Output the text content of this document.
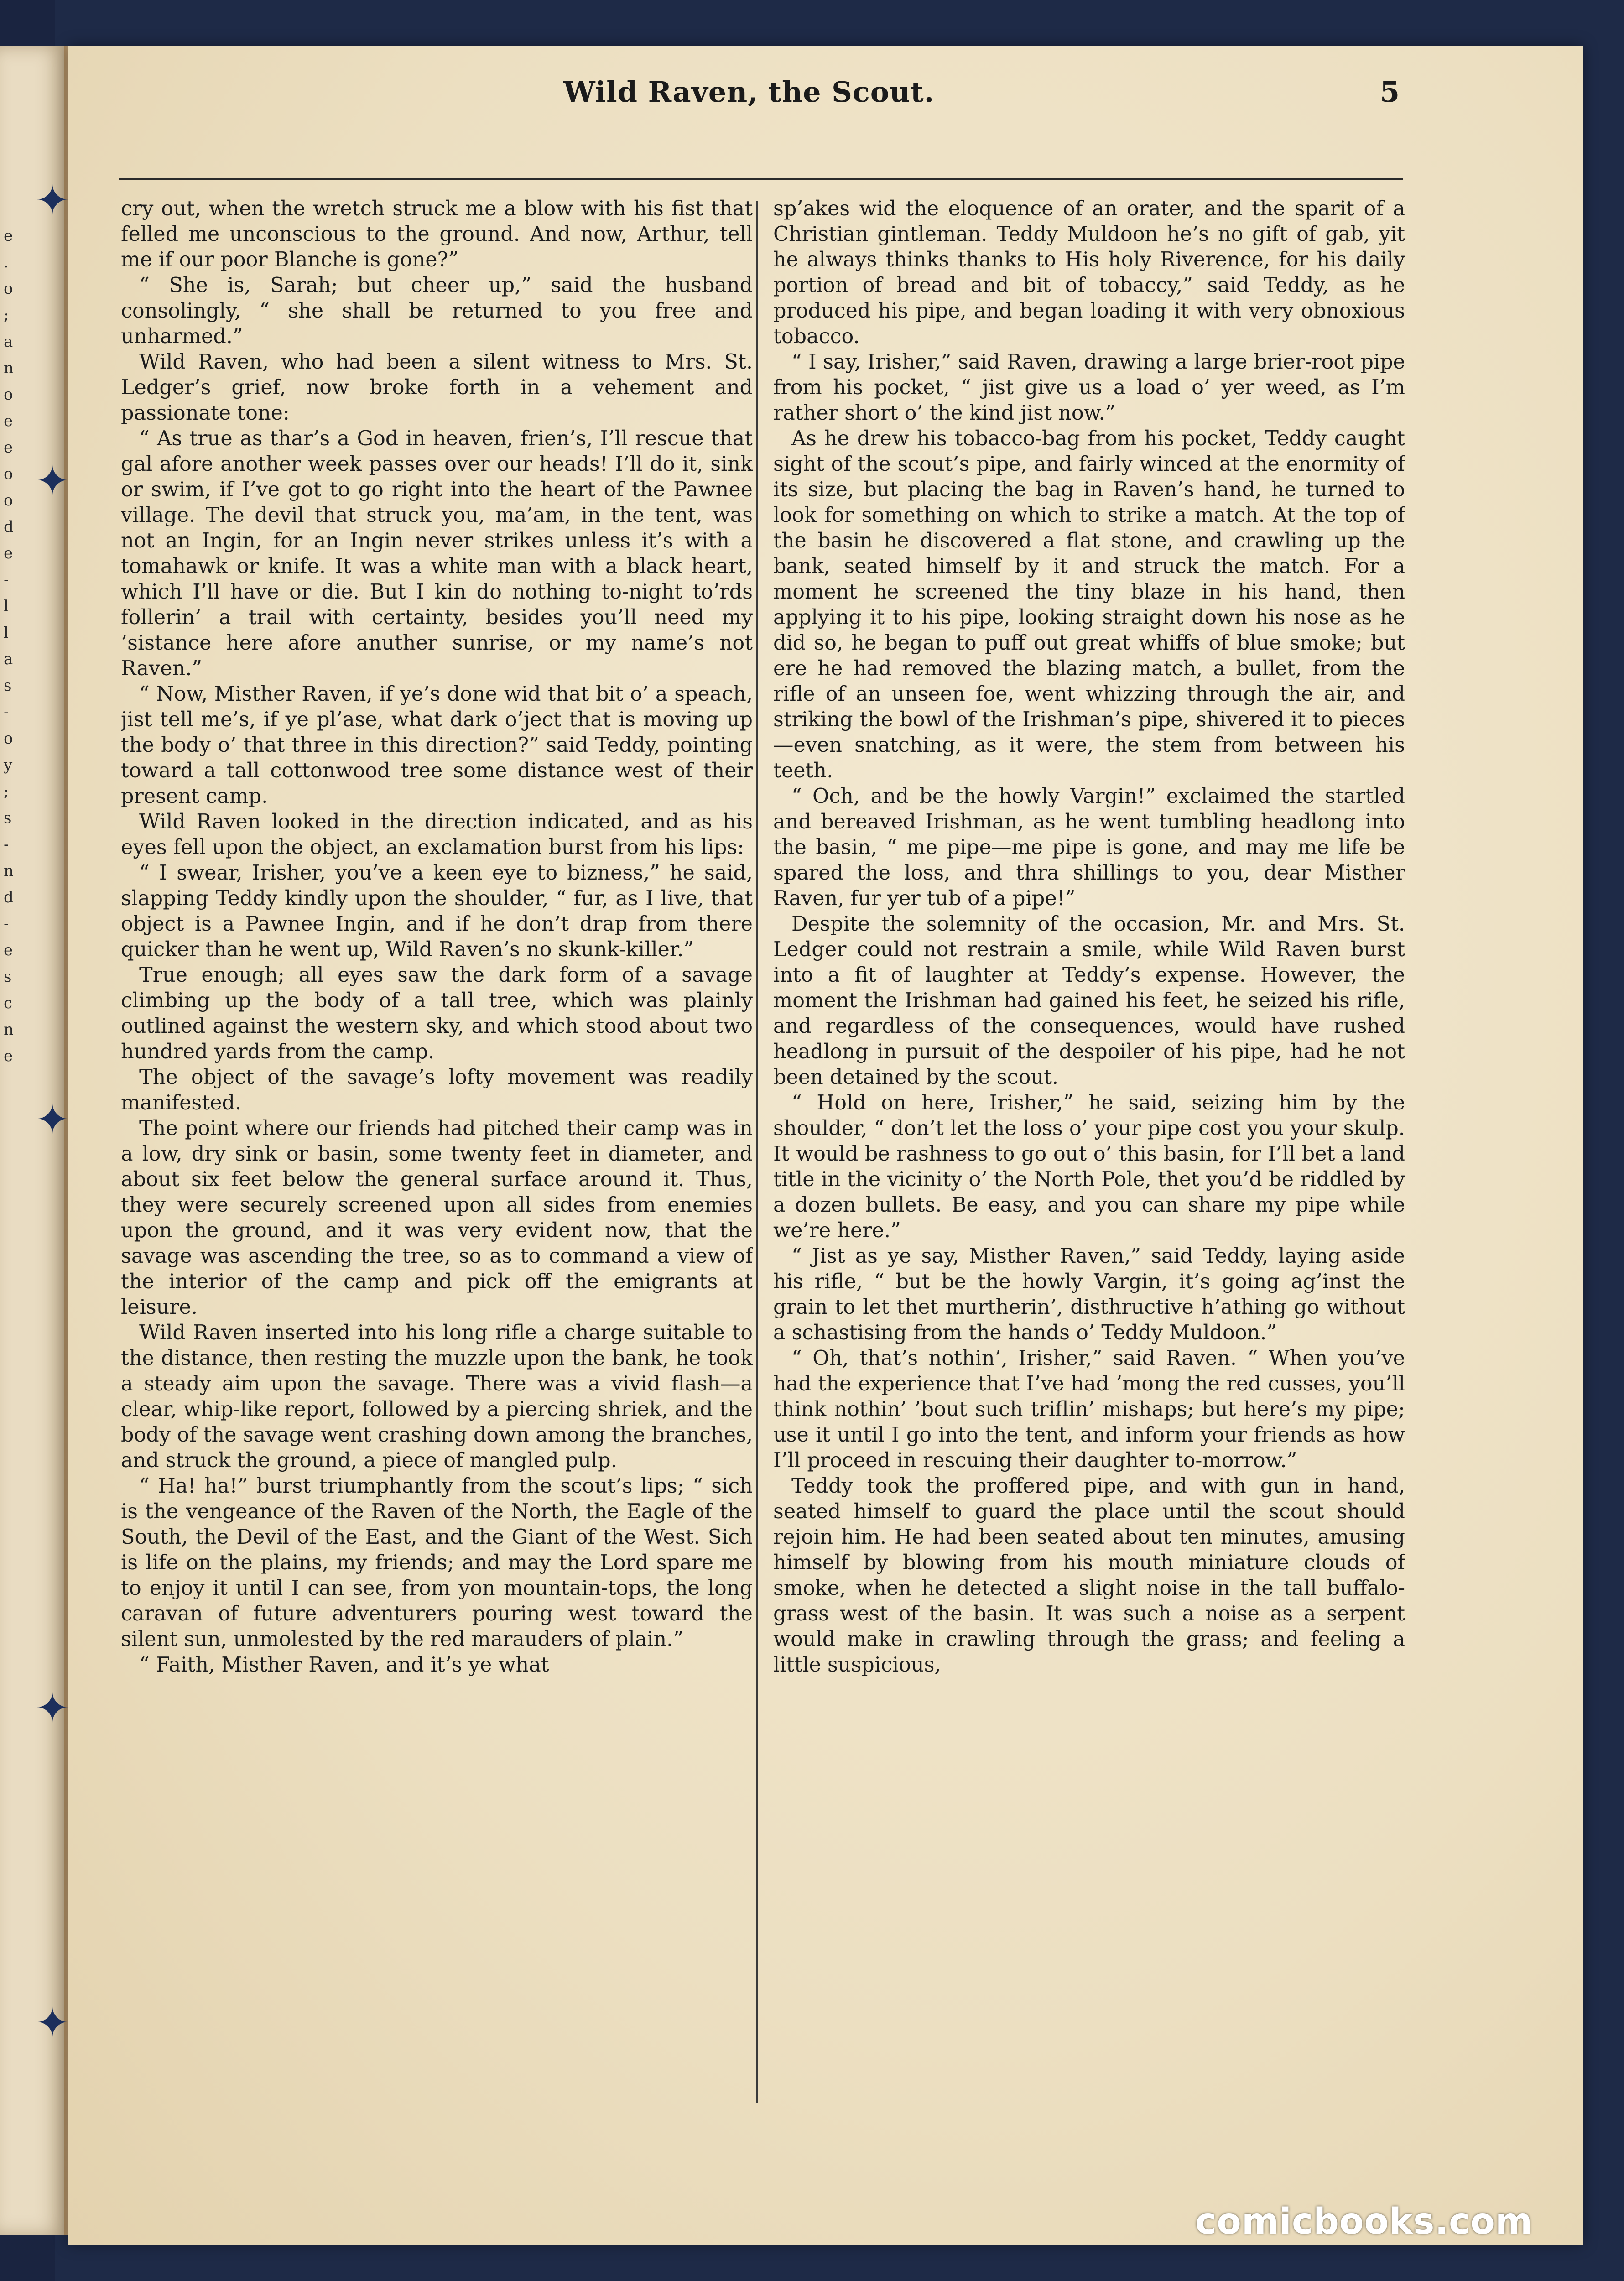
e
.
o
;
a
n
o
e
e
o
o
d
e
-
l
l
a
s
-
o
y
;
s
-
n
d
-
e
s
c
n
e
✦
✦
✦
✦
✦
Wild Raven, the Scout.	5

cry out, when the wretch struck me a blow with his fist that felled me unconscious to the ground. And now, Arthur, tell me if our poor Blanche is gone?”

“ She is, Sarah; but cheer up,” said the husband consolingly, “ she shall be returned to you free and unharmed.”

Wild Raven, who had been a silent witness to Mrs. St. Ledger’s grief, now broke forth in a vehement and passionate tone:

“ As true as thar’s a God in heaven, frien’s, I’ll rescue that gal afore another week passes over our heads! I’ll do it, sink or swim, if I’ve got to go right into the heart of the Pawnee village. The devil that struck you, ma’am, in the tent, was not an Ingin, for an Ingin never strikes unless it’s with a tomahawk or knife. It was a white man with a black heart, which I’ll have or die. But I kin do nothing to-night to’rds follerin’ a trail with certainty, besides you’ll need my ’sistance here afore anuther sunrise, or my name’s not Raven.”

“ Now, Misther Raven, if ye’s done wid that bit o’ a speach, jist tell me’s, if ye pl’ase, what dark o’ject that is moving up the body o’ that three in this direction?” said Teddy, pointing toward a tall cottonwood tree some distance west of their present camp.

Wild Raven looked in the direction indicated, and as his eyes fell upon the object, an exclamation burst from his lips:

“ I swear, Irisher, you’ve a keen eye to bizness,” he said, slapping Teddy kindly upon the shoulder, “ fur, as I live, that object is a Pawnee Ingin, and if he don’t drap from there quicker than he went up, Wild Raven’s no skunk-killer.”

True enough; all eyes saw the dark form of a savage climbing up the body of a tall tree, which was plainly outlined against the western sky, and which stood about two hundred yards from the camp.

The object of the savage’s lofty movement was readily manifested.

The point where our friends had pitched their camp was in a low, dry sink or basin, some twenty feet in diameter, and about six feet below the general surface around it. Thus, they were securely screened upon all sides from enemies upon the ground, and it was very evident now, that the savage was ascending the tree, so as to command a view of the interior of the camp and pick off the emigrants at leisure.

Wild Raven inserted into his long rifle a charge suitable to the distance, then resting the muzzle upon the bank, he took a steady aim upon the savage. There was a vivid flash—a clear, whip-like report, followed by a piercing shriek, and the body of the savage went crashing down among the branches, and struck the ground, a piece of mangled pulp.

“ Ha! ha!” burst triumphantly from the scout’s lips; “ sich is the vengeance of the Raven of the North, the Eagle of the South, the Devil of the East, and the Giant of the West. Sich is life on the plains, my friends; and may the Lord spare me to enjoy it until I can see, from yon mountain-tops, the long caravan of future adventurers pouring west toward the silent sun, unmolested by the red marauders of plain.”

“ Faith, Misther Raven, and it’s ye what

sp’akes wid the eloquence of an orater, and the sparit of a Christian gintleman. Teddy Muldoon he’s no gift of gab, yit he always thinks thanks to His holy Riverence, for his daily portion of bread and bit of tobaccy,” said Teddy, as he produced his pipe, and began loading it with very obnoxious tobacco.

“ I say, Irisher,” said Raven, drawing a large brier-root pipe from his pocket, “ jist give us a load o’ yer weed, as I’m rather short o’ the kind jist now.”

As he drew his tobacco-bag from his pocket, Teddy caught sight of the scout’s pipe, and fairly winced at the enormity of its size, but placing the bag in Raven’s hand, he turned to look for something on which to strike a match. At the top of the basin he discovered a flat stone, and crawling up the bank, seated himself by it and struck the match. For a moment he screened the tiny blaze in his hand, then applying it to his pipe, looking straight down his nose as he did so, he began to puff out great whiffs of blue smoke; but ere he had removed the blazing match, a bullet, from the rifle of an unseen foe, went whizzing through the air, and striking the bowl of the Irishman’s pipe, shivered it to pieces —even snatching, as it were, the stem from between his teeth.

“ Och, and be the howly Vargin!” exclaimed the startled and bereaved Irishman, as he went tumbling headlong into the basin, “ me pipe—me pipe is gone, and may me life be spared the loss, and thra shillings to you, dear Misther Raven, fur yer tub of a pipe!”

Despite the solemnity of the occasion, Mr. and Mrs. St. Ledger could not restrain a smile, while Wild Raven burst into a fit of laughter at Teddy’s expense. However, the moment the Irishman had gained his feet, he seized his rifle, and regardless of the consequences, would have rushed headlong in pursuit of the despoiler of his pipe, had he not been detained by the scout.

“ Hold on here, Irisher,” he said, seizing him by the shoulder, “ don’t let the loss o’ your pipe cost you your skulp. It would be rashness to go out o’ this basin, for I’ll bet a land title in the vicinity o’ the North Pole, thet you’d be riddled by a dozen bullets. Be easy, and you can share my pipe while we’re here.”

“ Jist as ye say, Misther Raven,” said Teddy, laying aside his rifle, “ but be the howly Vargin, it’s going ag’inst the grain to let thet murtherin’, disthructive h’athing go without a schastising from the hands o’ Teddy Muldoon.”

“ Oh, that’s nothin’, Irisher,” said Raven. “ When you’ve had the experience that I’ve had ’mong the red cusses, you’ll think nothin’ ’bout such triflin’ mishaps; but here’s my pipe; use it until I go into the tent, and inform your friends as how I’ll proceed in rescuing their daughter to-morrow.”

Teddy took the proffered pipe, and with gun in hand, seated himself to guard the place until the scout should rejoin him. He had been seated about ten minutes, amusing himself by blowing from his mouth miniature clouds of smoke, when he detected a slight noise in the tall buffalo-grass west of the basin. It was such a noise as a serpent would make in crawling through the grass; and feeling a little suspicious,

comicbooks.com
